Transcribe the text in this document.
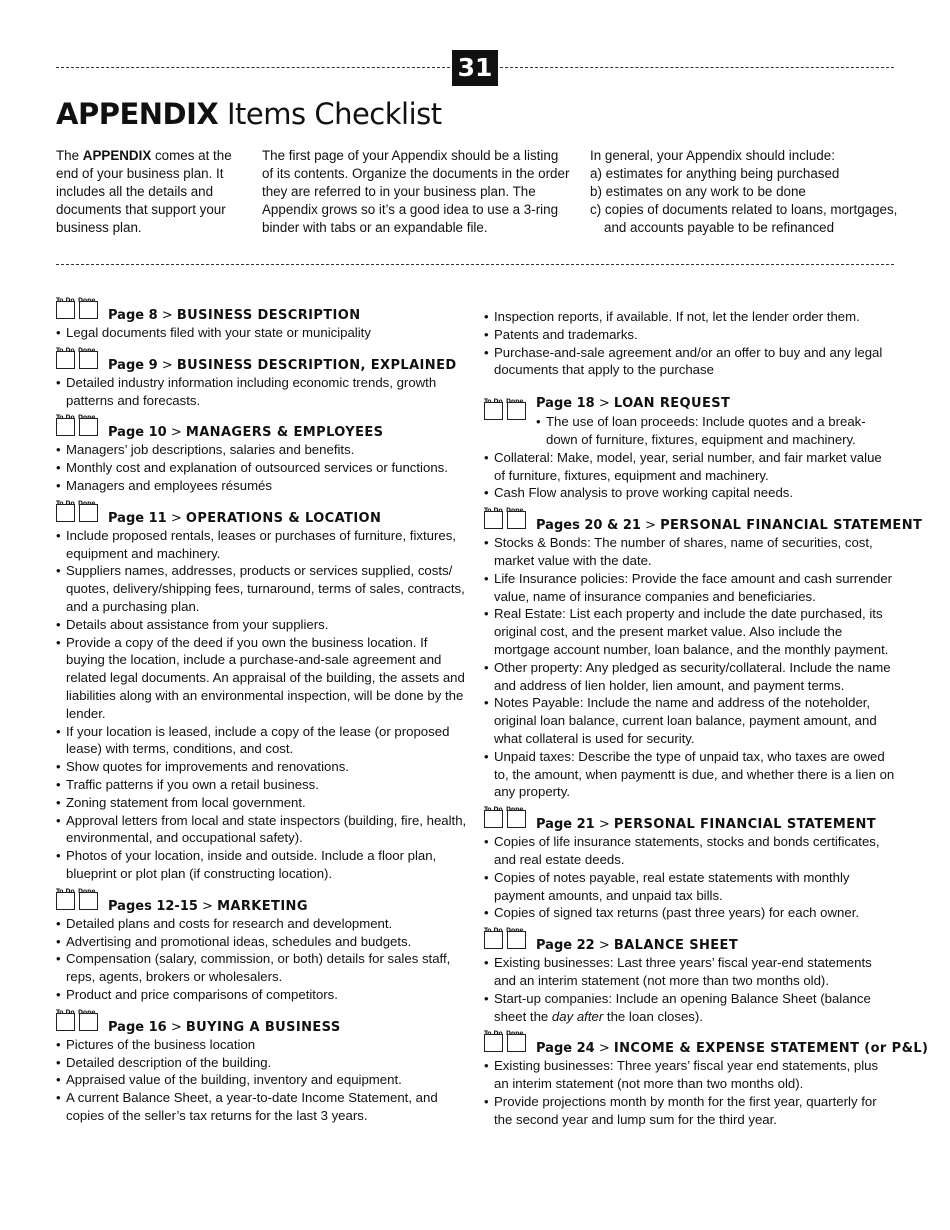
31
APPENDIX Items Checklist

The APPENDIX comes at the end of your business plan. It includes all the details and documents that support your business plan.

The first page of your Appendix should be a listing of its contents. Organize the documents in the order they are referred to in your business plan. The Appendix grows so it’s a good idea to use a 3-ring binder with tabs or an expandable file.

In general, your Appendix should include:

a) estimates for anything being purchased

b) estimates on any work to be done

c) copies of documents related to loans, mortgages, and accounts payable to be refinanced

To Do Done
Page 8 > BUSINESS DESCRIPTION
• Legal documents filed with your state or municipality
To Do Done
Page 9 > BUSINESS DESCRIPTION, EXPLAINED
• Detailed industry information including economic trends, growth patterns and forecasts.
To Do Done
Page 10 > MANAGERS & EMPLOYEES
• Managers’ job descriptions, salaries and benefits.
• Monthly cost and explanation of outsourced services or functions.
• Managers and employees résumés
To Do Done
Page 11 > OPERATIONS & LOCATION
• Include proposed rentals, leases or purchases of furniture, fixtures, equipment and machinery.
• Suppliers names, addresses, products or services supplied, costs/ quotes, delivery/shipping fees, turnaround, terms of sales, contracts, and a purchasing plan.
• Details about assistance from your suppliers.
• Provide a copy of the deed if you own the business location. If buying the location, include a purchase-and-sale agreement and related legal documents. An appraisal of the building, the assets and liabilities along with an environmental inspection, will be done by the lender.
• If your location is leased, include a copy of the lease (or proposed lease) with terms, conditions, and cost.
• Show quotes for improvements and renovations.
• Traffic patterns if you own a retail business.
• Zoning statement from local government.
• Approval letters from local and state inspectors (building, fire, health, environmental, and occupational safety).
• Photos of your location, inside and outside. Include a floor plan, blueprint or plot plan (if constructing location).
To Do Done
Pages 12-15 > MARKETING
• Detailed plans and costs for research and development.
• Advertising and promotional ideas, schedules and budgets.
• Compensation (salary, commission, or both) details for sales staff, reps, agents, brokers or wholesalers.
• Product and price comparisons of competitors.
To Do Done
Page 16 > BUYING A BUSINESS
• Pictures of the business location
• Detailed description of the building.
• Appraised value of the building, inventory and equipment.
• A current Balance Sheet, a year-to-date Income Statement, and copies of the seller’s tax returns for the last 3 years.
• Inspection reports, if available. If not, let the lender order them.
• Patents and trademarks.
• Purchase-and-sale agreement and/or an offer to buy and any legal documents that apply to the purchase
To Do Done Page 18 > LOAN REQUEST
• The use of loan proceeds: Include quotes and a break-down of furniture, fixtures, equipment and machinery.
• Collateral: Make, model, year, serial number, and fair market value of furniture, fixtures, equipment and machinery.
• Cash Flow analysis to prove working capital needs.
To Do Done
Pages 20 & 21 > PERSONAL FINANCIAL STATEMENT
• Stocks & Bonds: The number of shares, name of securities, cost, market value with the date.
• Life Insurance policies: Provide the face amount and cash surrender value, name of insurance companies and beneficiaries.
• Real Estate: List each property and include the date purchased, its original cost, and the present market value. Also include the mortgage account number, loan balance, and the monthly payment.
• Other property: Any pledged as security/collateral. Include the name and address of lien holder, lien amount, and payment terms.
• Notes Payable: Include the name and address of the noteholder, original loan balance, current loan balance, payment amount, and what collateral is used for security.
• Unpaid taxes: Describe the type of unpaid tax, who taxes are owed to, the amount, when paymentt is due, and whether there is a lien on any property.
To Do Done
Page 21 > PERSONAL FINANCIAL STATEMENT
• Copies of life insurance statements, stocks and bonds certificates, and real estate deeds.
• Copies of notes payable, real estate statements with monthly payment amounts, and unpaid tax bills.
• Copies of signed tax returns (past three years) for each owner.
To Do Done
Page 22 > BALANCE SHEET
• Existing businesses: Last three years’ fiscal year-end statements and an interim statement (not more than two months old).
• Start-up companies: Include an opening Balance Sheet (balance sheet the day after the loan closes).
To Do Done
Page 24 > INCOME & EXPENSE STATEMENT (or P&L)
• Existing businesses: Three years’ fiscal year end statements, plus an interim statement (not more than two months old).
• Provide projections month by month for the first year, quarterly for the second year and lump sum for the third year.
